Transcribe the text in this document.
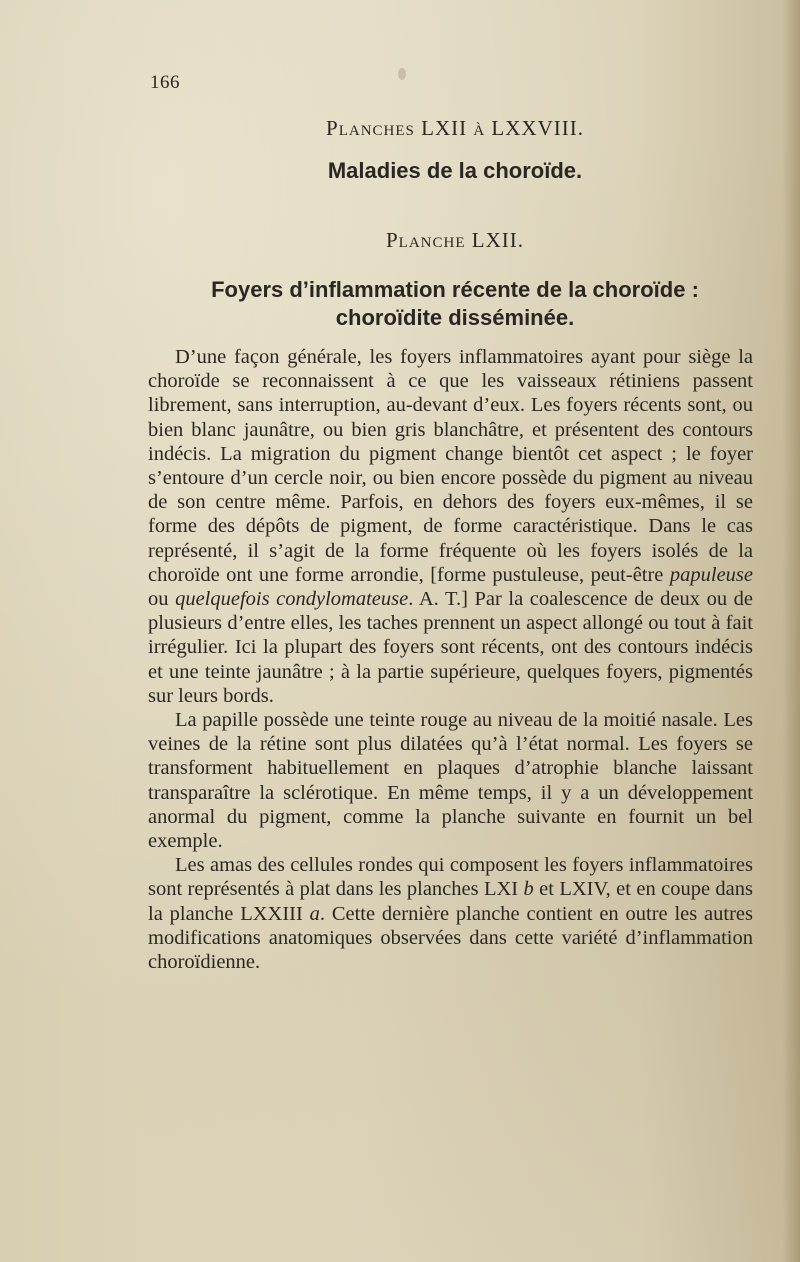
166
Planches LXII à LXXVIII.
Maladies de la choroïde.
Planche LXII.
Foyers d’inflammation récente de la choroïde :
choroïdite disséminée.

D’une façon générale, les foyers inflammatoires ayant pour siège la choroïde se reconnaissent à ce que les vaisseaux rétiniens passent librement, sans interruption, au-devant d’eux. Les foyers récents sont, ou bien blanc jaunâtre, ou bien gris blanchâtre, et présentent des contours indécis. La migration du pigment change bientôt cet aspect ; le foyer s’entoure d’un cercle noir, ou bien encore possède du pigment au niveau de son centre même. Parfois, en dehors des foyers eux-mêmes, il se forme des dépôts de pigment, de forme caractéristique. Dans le cas représenté, il s’agit de la forme fréquente où les foyers isolés de la choroïde ont une forme arrondie, [forme pustuleuse, peut-être papuleuse ou quelquefois condylomateuse. A. T.] Par la coalescence de deux ou de plusieurs d’entre elles, les taches prennent un aspect allongé ou tout à fait irrégulier. Ici la plupart des foyers sont récents, ont des contours indécis et une teinte jaunâtre ; à la partie supérieure, quelques foyers, pigmentés sur leurs bords.

La papille possède une teinte rouge au niveau de la moitié nasale. Les veines de la rétine sont plus dilatées qu’à l’état normal. Les foyers se transforment habituellement en plaques d’atrophie blanche laissant transparaître la sclérotique. En même temps, il y a un développement anormal du pigment, comme la planche suivante en fournit un bel exemple.

Les amas des cellules rondes qui composent les foyers inflammatoires sont représentés à plat dans les planches LXI b et LXIV, et en coupe dans la planche LXXIII a. Cette dernière planche contient en outre les autres modifications anatomiques observées dans cette variété d’inflammation choroïdienne.
